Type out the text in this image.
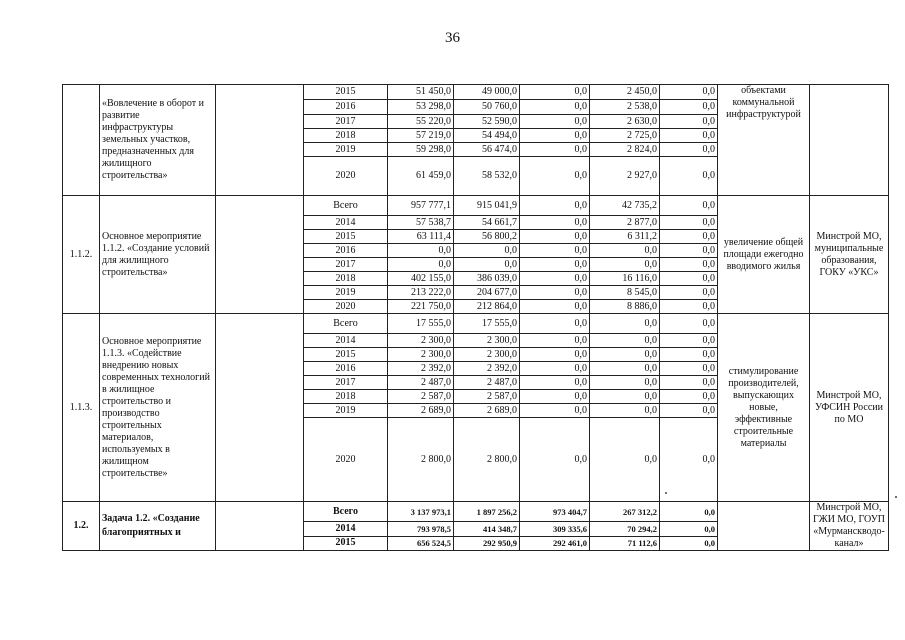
36
	«Вовлечение в оборот и развитие инфраструктуры земельных участков, предназначенных для жилищного строительства»		2015	51 450,0	49 000,0	0,0	2 450,0	0,0	объектами коммунальной инфраструктурой	
			2016	53 298,0	50 760,0	0,0	2 538,0	0,0		
			2017	55 220,0	52 590,0	0,0	2 630,0	0,0		
			2018	57 219,0	54 494,0	0,0	2 725,0	0,0		
			2019	59 298,0	56 474,0	0,0	2 824,0	0,0		
			2020	61 459,0	58 532,0	0,0	2 927,0	0,0		
1.1.2.	Основное мероприятие 1.1.2. «Создание условий для жилищного строительства»		Всего	957 777,1	915 041,9	0,0	42 735,2	0,0	увеличение общей площади ежегодно вводимого жилья	Минстрой МО, муниципальные образования, ГОКУ «УКС»
			2014	57 538,7	54 661,7	0,0	2 877,0	0,0		
			2015	63 111,4	56 800,2	0,0	6 311,2	0,0		
			2016	0,0	0,0	0,0	0,0	0,0		
			2017	0,0	0,0	0,0	0,0	0,0		
			2018	402 155,0	386 039,0	0,0	16 116,0	0,0		
			2019	213 222,0	204 677,0	0,0	8 545,0	0,0		
			2020	221 750,0	212 864,0	0,0	8 886,0	0,0		
1.1.3.	Основное мероприятие 1.1.3. «Содействие внедрению новых современных технологий в жилищное строительство и производство строительных материалов, используемых в жилищном строительстве»		Всего	17 555,0	17 555,0	0,0	0,0	0,0	стимулирование производителей, выпускающих новые, эффективные строительные материалы	Минстрой МО, УФСИН России по МО
			2014	2 300,0	2 300,0	0,0	0,0	0,0		
			2015	2 300,0	2 300,0	0,0	0,0	0,0		
			2016	2 392,0	2 392,0	0,0	0,0	0,0		
			2017	2 487,0	2 487,0	0,0	0,0	0,0		
			2018	2 587,0	2 587,0	0,0	0,0	0,0		
			2019	2 689,0	2 689,0	0,0	0,0	0,0		
			2020	2 800,0	2 800,0	0,0	0,0	0,0		
1.2.	Задача 1.2. «Создание благоприятных и		Всего	3 137 973,1	1 897 256,2	973 404,7	267 312,2	0,0		Минстрой МО, ГЖИ МО, ГОУП «Мурманскводо-канал»
			2014	793 978,5	414 348,7	309 335,6	70 294,2	0,0		
			2015	656 524,5	292 950,9	292 461,0	71 112,6	0,0		
